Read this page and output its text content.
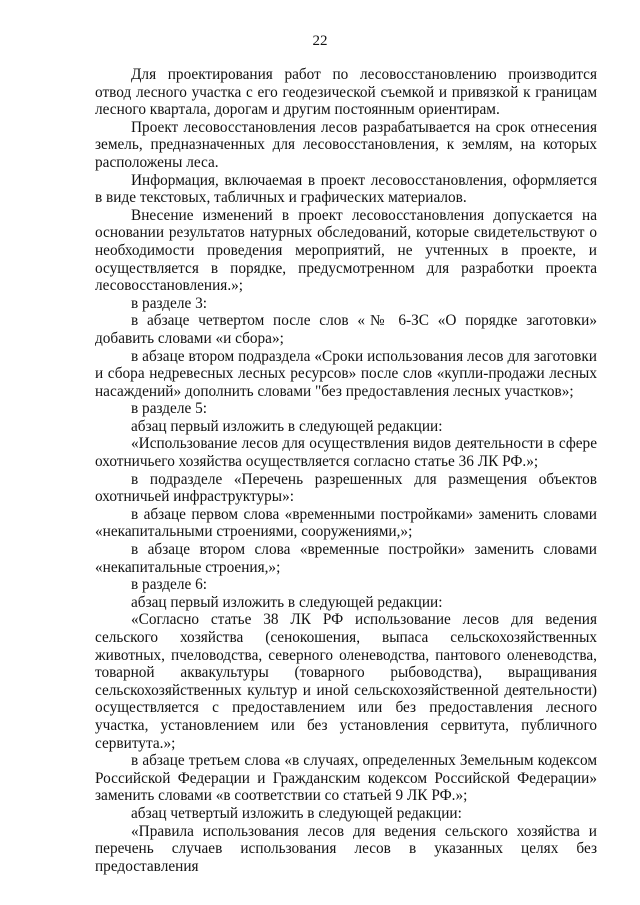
22

Для проектирования работ по лесовосстановлению производится отвод лесного участка с его геодезической съемкой и привязкой к границам лесного квартала, дорогам и другим постоянным ориентирам.

Проект лесовосстановления лесов разрабатывается на срок отнесения земель, предназначенных для лесовосстановления, к землям, на которых расположены леса.

Информация, включаемая в проект лесовосстановления, оформляется в виде текстовых, табличных и графических материалов.

Внесение изменений в проект лесовосстановления допускается на основании результатов натурных обследований, которые свидетельствуют о необходимости проведения мероприятий, не учтенных в проекте, и осуществляется в порядке, предусмотренном для разработки проекта лесовосстановления.»;

в разделе 3:

в абзаце четвертом после слов «№ 6-ЗС «О порядке заготовки» добавить словами «и сбора»;

в абзаце втором подраздела «Сроки использования лесов для заготовки и сбора недревесных лесных ресурсов» после слов «купли-продажи лесных насаждений» дополнить словами "без предоставления лесных участков»;

в разделе 5:

абзац первый изложить в следующей редакции:

«Использование лесов для осуществления видов деятельности в сфере охотничьего хозяйства осуществляется согласно статье 36 ЛК РФ.»;

в подразделе «Перечень разрешенных для размещения объектов охотничьей инфраструктуры»:

в абзаце первом слова «временными постройками» заменить словами «некапитальными строениями, сооружениями,»;

в абзаце втором слова «временные постройки» заменить словами «некапитальные строения,»;

в разделе 6:

абзац первый изложить в следующей редакции:

«Согласно статье 38 ЛК РФ использование лесов для ведения сельского хозяйства (сенокошения, выпаса сельскохозяйственных животных, пчеловодства, северного оленеводства, пантового оленеводства, товарной аквакультуры (товарного рыбоводства), выращивания сельскохозяйственных культур и иной сельскохозяйственной деятельности) осуществляется с предоставлением или без предоставления лесного участка, установлением или без установления сервитута, публичного сервитута.»;

в абзаце третьем слова «в случаях, определенных Земельным кодексом Российской Федерации и Гражданским кодексом Российской Федерации» заменить словами «в соответствии со статьей 9 ЛК РФ.»;

абзац четвертый изложить в следующей редакции:

«Правила использования лесов для ведения сельского хозяйства и перечень случаев использования лесов в указанных целях без предоставления
